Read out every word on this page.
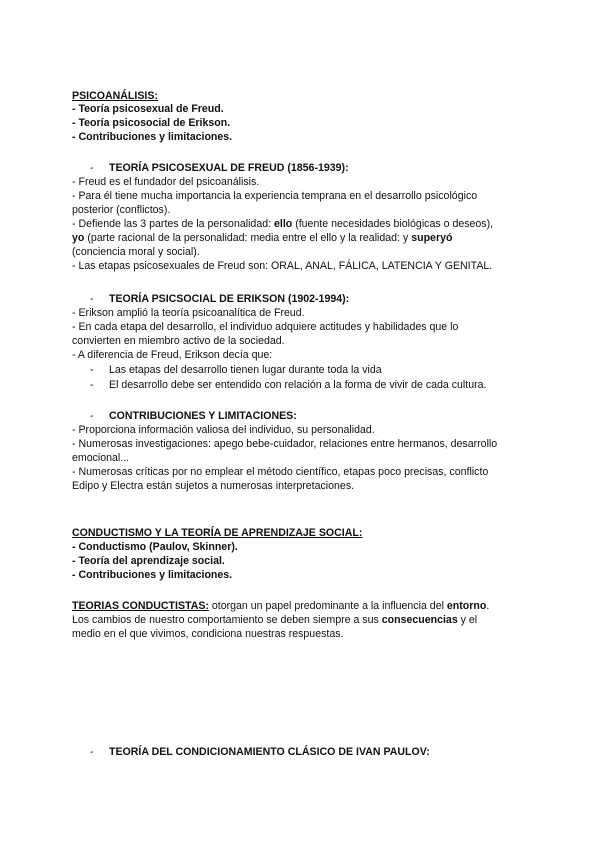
PSICOANÁLISIS:
- Teoría psicosexual de Freud.
- Teoría psicosocial de Erikson.
- Contribuciones y limitaciones.
- TEORÍA PSICOSEXUAL DE FREUD (1856-1939):
- Freud es el fundador del psicoanálisis.
- Para él tiene mucha importancia la experiencia temprana en el desarrollo psicológico
posterior (conflictos).
- Defiende las 3 partes de la personalidad: ello (fuente necesidades biológicas o deseos),
yo (parte racional de la personalidad: media entre el ello y la realidad: y superyó
(conciencia moral y social).
- Las etapas psicosexuales de Freud son: ORAL, ANAL, FÁLICA, LATENCIA Y GENITAL.
- TEORÍA PSICSOCIAL DE ERIKSON (1902-1994):
- Erikson amplió la teoría psicoanalítica de Freud.
- En cada etapa del desarrollo, el individuo adquiere actitudes y habilidades que lo
convierten en miembro activo de la sociedad.
- A diferencia de Freud, Erikson decía que:
- Las etapas del desarrollo tienen lugar durante toda la vida
- El desarrollo debe ser entendido con relación a la forma de vivir de cada cultura.
- CONTRIBUCIONES Y LIMITACIONES:
- Proporciona información valiosa del individuo, su personalidad.
- Numerosas investigaciones: apego bebe-cuidador, relaciones entre hermanos, desarrollo
emocional...
- Numerosas críticas por no emplear el método científico, etapas poco precisas, conflicto
Edipo y Electra están sujetos a numerosas interpretaciones.
CONDUCTISMO Y LA TEORÍA DE APRENDIZAJE SOCIAL:
- Conductismo (Paulov, Skinner).
- Teoría del aprendizaje social.
- Contribuciones y limitaciones.
TEORIAS CONDUCTISTAS: otorgan un papel predominante a la influencia del entorno.
Los cambios de nuestro comportamiento se deben siempre a sus consecuencias y el
medio en el que vivimos, condiciona nuestras respuestas.
- TEORÍA DEL CONDICIONAMIENTO CLÁSICO DE IVAN PAULOV:
